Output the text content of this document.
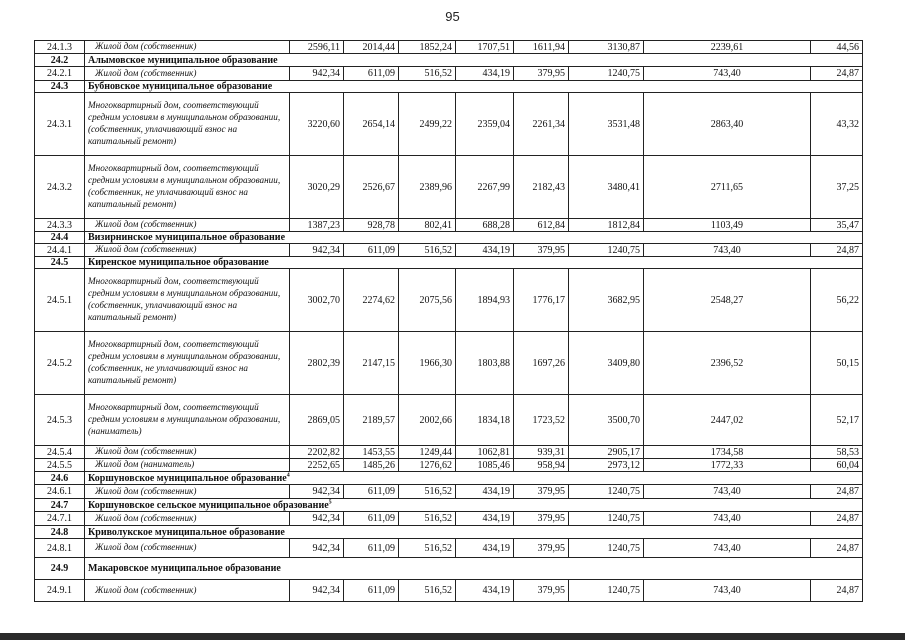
95
24.1.3	Жилой дом (собственник)	2596,11	2014,44	1852,24	1707,51	1611,94	3130,87	2239,61	44,56
24.2	Алымовское муниципальное образование								
24.2.1	Жилой дом (собственник)	942,34	611,09	516,52	434,19	379,95	1240,75	743,40	24,87
24.3	Бубновское муниципальное образование								
24.3.1	Многоквартирный дом, соответствующий средним условиям в муниципальном образовании, (собственник, уплачивающий взнос на капитальный ремонт)	3220,60	2654,14	2499,22	2359,04	2261,34	3531,48	2863,40	43,32
24.3.2	Многоквартирный дом, соответствующий средним условиям в муниципальном образовании, (собственник, не уплачивающий взнос на капитальный ремонт)	3020,29	2526,67	2389,96	2267,99	2182,43	3480,41	2711,65	37,25
24.3.3	Жилой дом (собственник)	1387,23	928,78	802,41	688,28	612,84	1812,84	1103,49	35,47
24.4	Визирнинское муниципальное образование								
24.4.1	Жилой дом (собственник)	942,34	611,09	516,52	434,19	379,95	1240,75	743,40	24,87
24.5	Киренское муниципальное образование								
24.5.1	Многоквартирный дом, соответствующий средним условиям в муниципальном образовании, (собственник, уплачивающий взнос на капитальный ремонт)	3002,70	2274,62	2075,56	1894,93	1776,17	3682,95	2548,27	56,22
24.5.2	Многоквартирный дом, соответствующий средним условиям в муниципальном образовании, (собственник, не уплачивающий взнос на капитальный ремонт)	2802,39	2147,15	1966,30	1803,88	1697,26	3409,80	2396,52	50,15
24.5.3	Многоквартирный дом, соответствующий средним условиям в муниципальном образовании, (наниматель)	2869,05	2189,57	2002,66	1834,18	1723,52	3500,70	2447,02	52,17
24.5.4	Жилой дом (собственник)	2202,82	1453,55	1249,44	1062,81	939,31	2905,17	1734,58	58,53
24.5.5	Жилой дом (наниматель)	2252,65	1485,26	1276,62	1085,46	958,94	2973,12	1772,33	60,04
24.6	Коршуновское муниципальное образование$^4$
24.6.1	Жилой дом (собственник)	942,34	611,09	516,52	434,19	379,95	1240,75	743,40	24,87
24.7	Коршуновское сельское муниципальное образование$^5$
24.7.1	Жилой дом (собственник)	942,34	611,09	516,52	434,19	379,95	1240,75	743,40	24,87
24.8	Криволукское муниципальное образование								
24.8.1	Жилой дом (собственник)	942,34	611,09	516,52	434,19	379,95	1240,75	743,40	24,87
24.9	Макаровское муниципальное образование								
24.9.1	Жилой дом (собственник)	942,34	611,09	516,52	434,19	379,95	1240,75	743,40	24,87
